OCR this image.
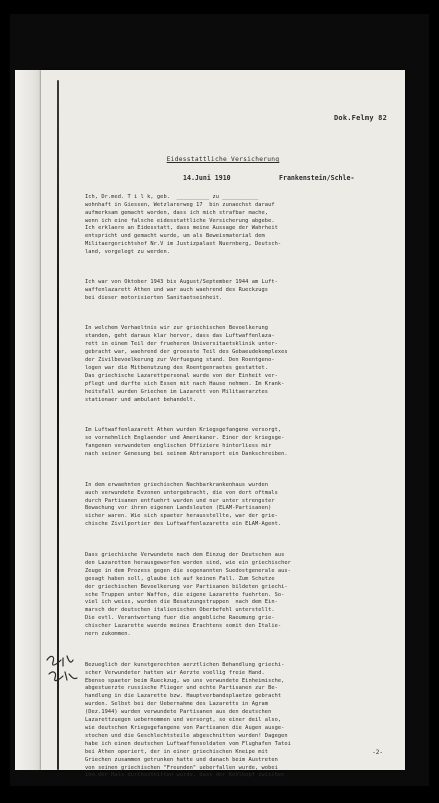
Dok.Felmy 82
Eidesstattliche Versicherung
14.Juni 1910	Frankenstein/Schle-

Ich, Dr.med. T i l k, geb.  __________ zu ___________
wohnhaft in Giessen, Wetzlarerweg 17  bin zunaechst darauf
aufmerksam gemacht worden, dass ich mich strafbar mache,
wenn ich eine falsche eidesstattliche Versicherung abgebe.
Ich erklaere an Eidesstatt, dass meine Aussage der Wahrheit
entspricht und gemacht wurde, um als Beweismaterial dem
Militaergerichtshof Nr.V im Justizpalast Nuernberg, Deutsch-
land, vorgelegt zu werden.

Ich war von Oktober 1943 bis August/September 1944 am Luft-
waffenlazarett Athen und war auch waehrend des Rueckzugs
bei dieser motorisierten Sanitaetseinheit.

In welchem Verhaeltnis wir zur griechischen Bevoelkerung
standen, geht daraus klar hervor, dass das Luftwaffenlaza-
rett in einem Teil der frueheren Universitaetsklinik unter-
gebracht war, waehrend der groesste Teil des Gebaeudekomplexes
der Zivilbevoelkerung zur Verfuegung stand. Den Roentgeno-
logen war die Mitbenutzung des Roentgenraetes gestattet.
Das griechische Lazarettpersonal wurde von der Einheit ver-
pflegt und durfte sich Essen mit nach Hause nehmen. Im Krank-
heitsfall wurden Griechen im Lazarett von Militaerarztes
stationaer und ambulant behandelt.

Im Luftwaffenlazarett Athen wurden Kriegsgefangene versorgt,
so vornehmlich Englaender und Amerikaner. Einer der kriegsge-
fangenen verwundeten englischen Offiziere hinterliess mir
nach seiner Genesung bei seinem Abtransport ein Dankschreiben.

In dem erwaehnten griechischen Nachbarkrankenhaus wurden
auch verwundete Evzonen untergebracht, die von dort oftmals
durch Partisanen entfuehrt wurden und nur unter strengster
Bewachung vor ihren eigenen Landsleuten (ELAM-Partisanen)
sicher waren. Wie sich spaeter herausstellte, war der grie-
chische Zivilportier des Luftwaffenlazaretts ein ELAM-Agent.

Dass griechische Verwundete nach dem Einzug der Deutschen aus
den Lazaretten herausgeworfen worden sind, wie ein griechischer
Zeuge in dem Prozess gegen die sogenannten Suedostgenerale aus-
gesagt haben soll, glaube ich auf keinen Fall. Zum Schutze
der griechischen Bevoelkerung vor Partisanen bildeten griechi-
sche Truppen unter Waffen, die eigene Lazarette fuehrten. So-
viel ich weiss, wurden die Besatzungstruppen  nach dem Ein-
marsch der deutschen italienischen Oberbefehl unterstellt.
Die evtl. Verantwortung fuer die angebliche Raeumung grie-
chischer Lazarette wuerde meines Erachtens somit den Italie-
nern zukommen.

Bezueglich der kunstgerechten aerztlichen Behandlung griechi-
scher Verwundeter hatten wir Aerzte voellig freie Hand.
Ebenso spaeter beim Rueckzug, wo uns verwundete Einheimische,
abgestuerzte russische Flieger und echte Partisanen zur Be-
handlung in die Lazarette bzw. Hauptverbandsplaetze gebracht
wurden. Selbst bei der Uebernahme des Lazaretts in Agram
(Dez.1944) wurden verwundete Partisanen aus den deutschen
Lazarettzuegen uebernommen und versorgt, so einer deil also,
wie deutschen Kriegsgefangene von Partisanen die Augen ausge-
stochen und die Geschlechtsteile abgeschnitten wurden! Dagegen
habe ich einen deutschen Luftwaffensoldaten vom Flughafen Tatoi
bei Athen operiert, der in einer griechischen Kneipe mit
Griechen zusammen getrunken hatte und danach beim Austreten
von seinen griechischen "Freunden" ueberfallen wurde, wobei
ihm der Hals durchschnitten wurde, dass der Kehlkopf zwischen

-2-
